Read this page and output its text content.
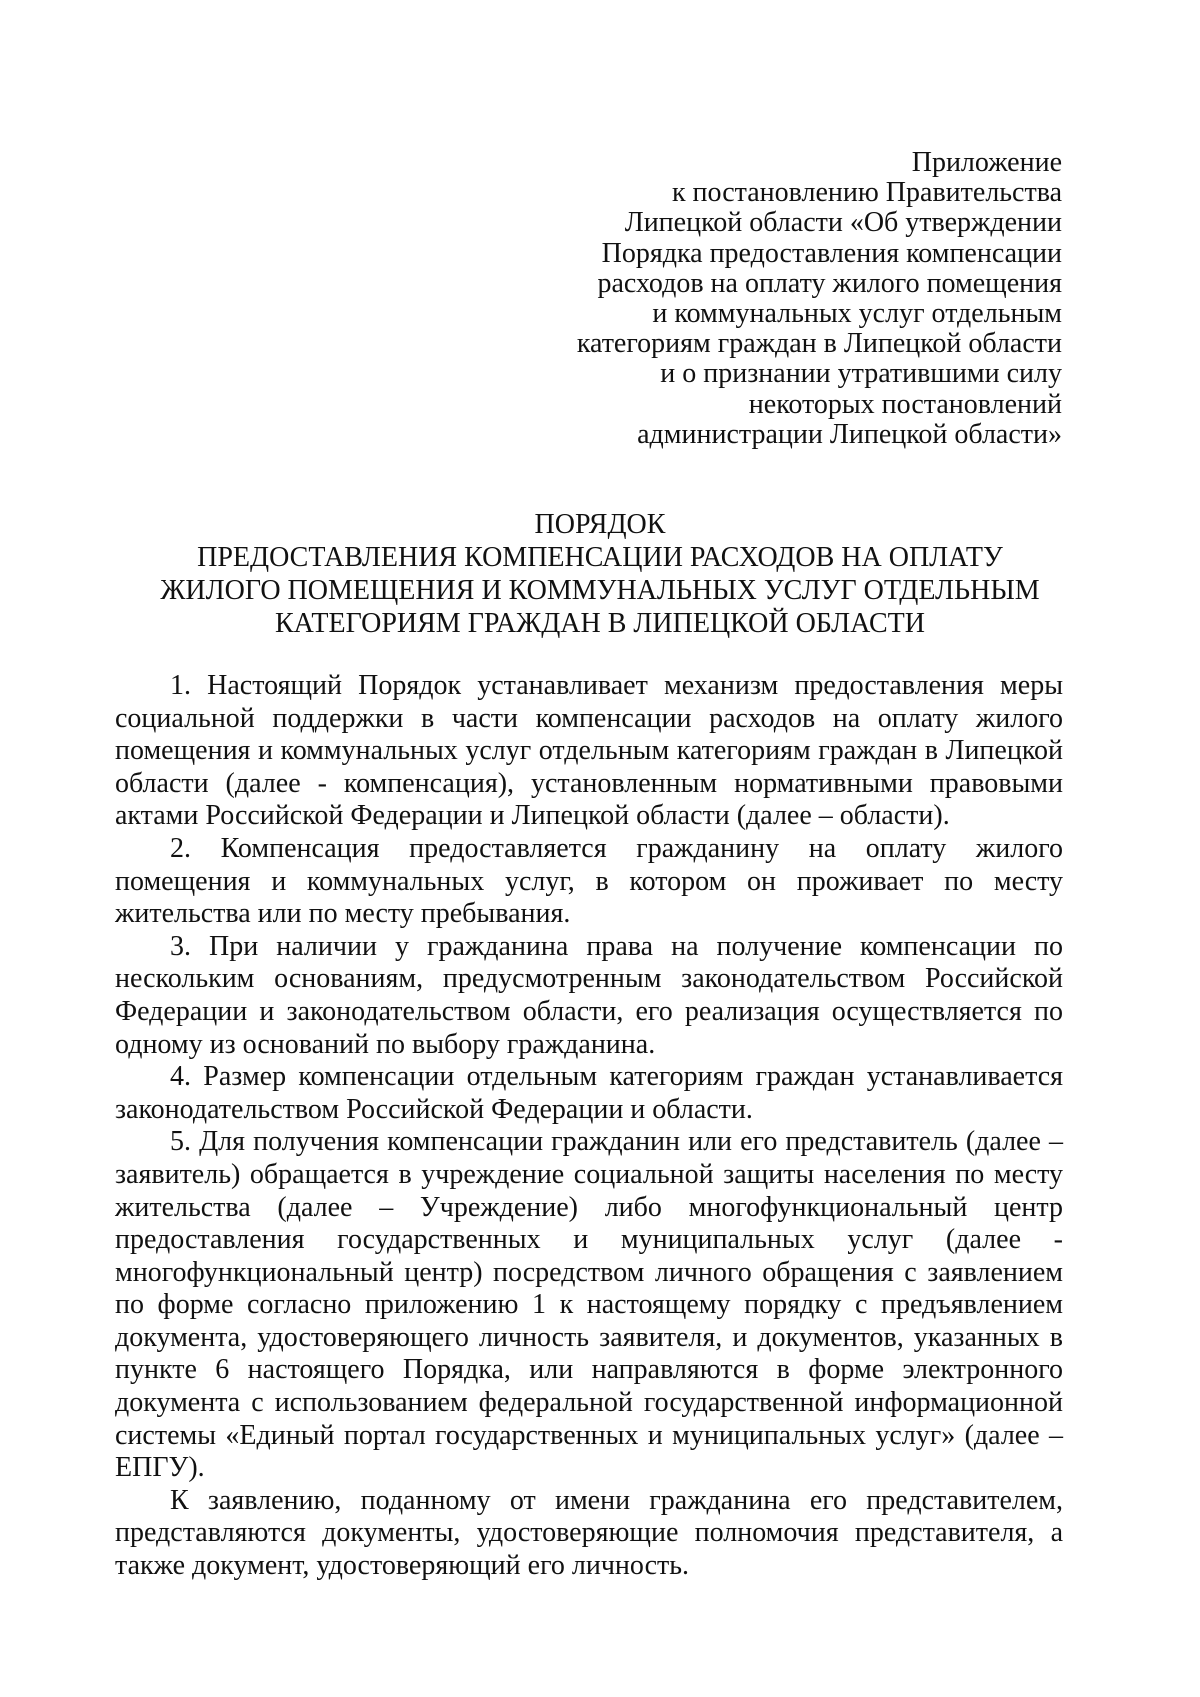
Приложение
к постановлению Правительства
Липецкой области «Об утверждении
Порядка предоставления компенсации
расходов на оплату жилого помещения
и коммунальных услуг отдельным
категориям граждан в Липецкой области
и о признании утратившими силу
некоторых постановлений
администрации Липецкой области»
ПОРЯДОК
ПРЕДОСТАВЛЕНИЯ КОМПЕНСАЦИИ РАСХОДОВ НА ОПЛАТУ
ЖИЛОГО ПОМЕЩЕНИЯ И КОММУНАЛЬНЫХ УСЛУГ ОТДЕЛЬНЫМ
КАТЕГОРИЯМ ГРАЖДАН В ЛИПЕЦКОЙ ОБЛАСТИ

1. Настоящий Порядок устанавливает механизм предоставления меры социальной поддержки в части компенсации расходов на оплату жилого помещения и коммунальных услуг отдельным категориям граждан в Липецкой области (далее - компенсация), установленным нормативными правовыми актами Российской Федерации и Липецкой области (далее – области).

2. Компенсация предоставляется гражданину на оплату жилого помещения и коммунальных услуг, в котором он проживает по месту жительства или по месту пребывания.

3. При наличии у гражданина права на получение компенсации по нескольким основаниям, предусмотренным законодательством Российской Федерации и законодательством области, его реализация осуществляется по одному из оснований по выбору гражданина.

4. Размер компенсации отдельным категориям граждан устанавливается законодательством Российской Федерации и области.

5. Для получения компенсации гражданин или его представитель (далее – заявитель) обращается в учреждение социальной защиты населения по месту жительства (далее – Учреждение) либо многофункциональный центр предоставления государственных и муниципальных услуг (далее - многофункциональный центр) посредством личного обращения с заявлением по форме согласно приложению 1 к настоящему порядку с предъявлением документа, удостоверяющего личность заявителя, и документов, указанных в пункте 6 настоящего Порядка, или направляются в форме электронного документа с использованием федеральной государственной информационной системы «Единый портал государственных и муниципальных услуг» (далее – ЕПГУ).

К заявлению, поданному от имени гражданина его представителем, представляются документы, удостоверяющие полномочия представителя, а также документ, удостоверяющий его личность.
